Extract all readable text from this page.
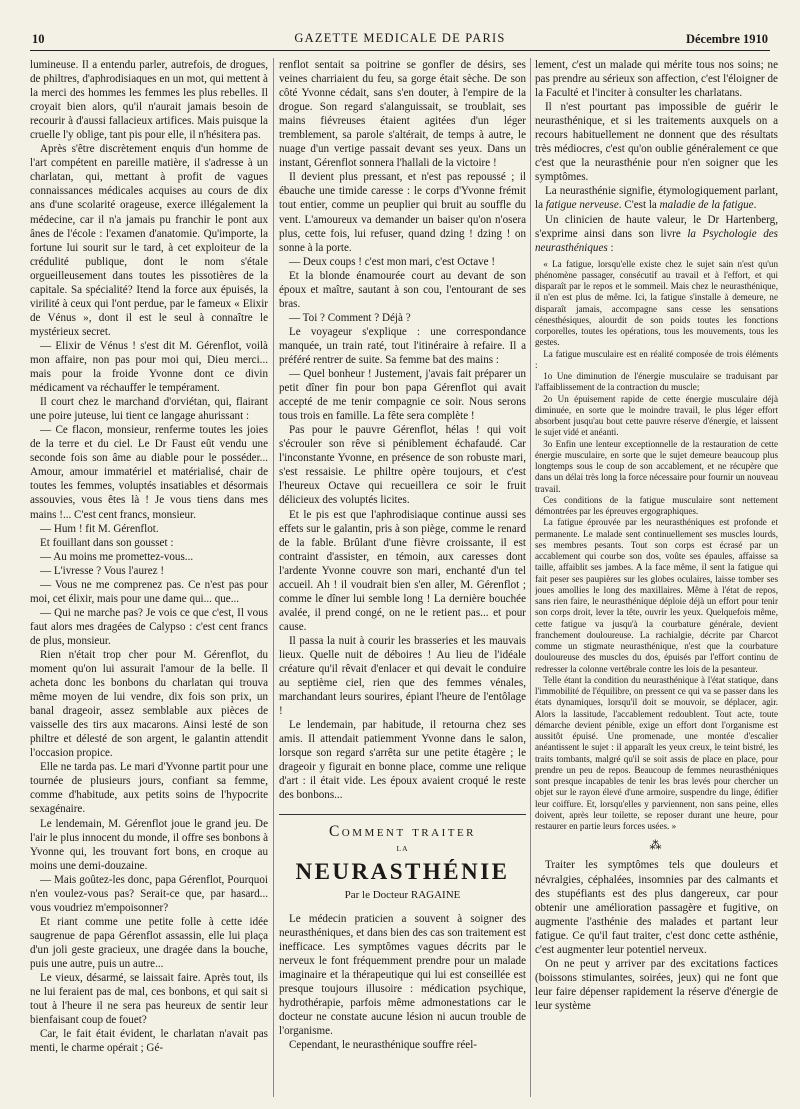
10	GAZETTE MEDICALE DE PARIS	Décembre 1910

lumineuse. Il a entendu parler, autrefois, de drogues, de philtres, d'aphrodisiaques en un mot, qui mettent à la merci des hommes les femmes les plus rebelles. Il croyait bien alors, qu'il n'aurait jamais besoin de recourir à d'aussi fallacieux artifices. Mais puisque la cruelle l'y oblige, tant pis pour elle, il n'hésitera pas.

Après s'être discrètement enquis d'un homme de l'art compétent en pareille matière, il s'adresse à un charlatan, qui, mettant à profit de vagues connaissances médicales acquises au cours de dix ans d'une scolarité orageuse, exerce illégalement la médecine, car il n'a jamais pu franchir le pont aux ânes de l'école : l'examen d'anatomie. Qu'importe, la fortune lui sourit sur le tard, à cet exploiteur de la crédulité publique, dont le nom s'étale orgueilleusement dans toutes les pissotières de la capitale. Sa spécialité? Itend la force aux épuisés, la virilité à ceux qui l'ont perdue, par le fameux « Elixir de Vénus », dont il est le seul à connaître le mystérieux secret.

— Elixir de Vénus ! s'est dit M. Gérenflot, voilà mon affaire, non pas pour moi qui, Dieu merci... mais pour la froide Yvonne dont ce divin médicament va réchauffer le tempérament.

Il court chez le marchand d'orviétan, qui, flairant une poire juteuse, lui tient ce langage ahurissant :

— Ce flacon, monsieur, renferme toutes les joies de la terre et du ciel. Le Dr Faust eût vendu une seconde fois son âme au diable pour le posséder... Amour, amour immatériel et matérialisé, chair de toutes les femmes, voluptés insatiables et désormais assouvies, vous êtes là ! Je vous tiens dans mes mains !... C'est cent francs, monsieur.

— Hum ! fit M. Gérenflot.

Et fouillant dans son gousset :

— Au moins me promettez-vous...

— L'ivresse ? Vous l'aurez !

— Vous ne me comprenez pas. Ce n'est pas pour moi, cet élixir, mais pour une dame qui... que...

— Qui ne marche pas? Je vois ce que c'est, Il vous faut alors mes dragées de Calypso : c'est cent francs de plus, monsieur.

Rien n'était trop cher pour M. Gérenflot, du moment qu'on lui assurait l'amour de la belle. Il acheta donc les bonbons du charlatan qui trouva même moyen de lui vendre, dix fois son prix, un banal drageoir, assez semblable aux pièces de vaisselle des tirs aux macarons. Ainsi lesté de son philtre et délesté de son argent, le galantin attendit l'occasion propice.

Elle ne tarda pas. Le mari d'Yvonne partit pour une tournée de plusieurs jours, confiant sa femme, comme d'habitude, aux petits soins de l'hypocrite sexagénaire.

Le lendemain, M. Gérenflot joue le grand jeu. De l'air le plus innocent du monde, il offre ses bonbons à Yvonne qui, les trouvant fort bons, en croque au moins une demi-douzaine.

— Mais goûtez-les donc, papa Gérenflot, Pourquoi n'en voulez-vous pas? Serait-ce que, par hasard... vous voudriez m'empoisonner?

Et riant comme une petite folle à cette idée saugrenue de papa Gérenflot assassin, elle lui plaça d'un joli geste gracieux, une dragée dans la bouche, puis une autre, puis un autre...

Le vieux, désarmé, se laissait faire. Après tout, ils ne lui feraient pas de mal, ces bonbons, et qui sait si tout à l'heure il ne sera pas heureux de sentir leur bienfaisant coup de fouet?

Car, le fait était évident, le charlatan n'avait pas menti, le charme opérait ; Gé-

renflot sentait sa poitrine se gonfler de désirs, ses veines charriaient du feu, sa gorge était sèche. De son côté Yvonne cédait, sans s'en douter, à l'empire de la drogue. Son regard s'alanguissait, se troublait, ses mains fiévreuses étaient agitées d'un léger tremblement, sa parole s'altérait, de temps à autre, le nuage d'un vertige passait devant ses yeux. Dans un instant, Gérenflot sonnera l'hallali de la victoire !

Il devient plus pressant, et n'est pas repoussé ; il ébauche une timide caresse : le corps d'Yvonne frémit tout entier, comme un peuplier qui bruit au souffle du vent. L'amoureux va demander un baiser qu'on n'osera plus, cette fois, lui refuser, quand dzing ! dzing ! on sonne à la porte.

— Deux coups ! c'est mon mari, c'est Octave !

Et la blonde énamourée court au devant de son époux et maître, sautant à son cou, l'entourant de ses bras.

— Toi ? Comment ? Déjà ?

Le voyageur s'explique : une correspondance manquée, un train raté, tout l'itinéraire à refaire. Il a préféré rentrer de suite. Sa femme bat des mains :

— Quel bonheur ! Justement, j'avais fait préparer un petit dîner fin pour bon papa Gérenflot qui avait accepté de me tenir compagnie ce soir. Nous serons tous trois en famille. La fête sera complète !

Pas pour le pauvre Gérenflot, hélas ! qui voit s'écrouler son rêve si péniblement échafaudé. Car l'inconstante Yvonne, en présence de son robuste mari, s'est ressaisie. Le philtre opère toujours, et c'est l'heureux Octave qui recueillera ce soir le fruit délicieux des voluptés licites.

Et le pis est que l'aphrodisiaque continue aussi ses effets sur le galantin, pris à son piège, comme le renard de la fable. Brûlant d'une fièvre croissante, il est contraint d'assister, en témoin, aux caresses dont l'ardente Yvonne couvre son mari, enchanté d'un tel accueil. Ah ! il voudrait bien s'en aller, M. Gérenflot ; comme le dîner lui semble long ! La dernière bouchée avalée, il prend congé, on ne le retient pas... et pour cause.

Il passa la nuit à courir les brasseries et les mauvais lieux. Quelle nuit de déboires ! Au lieu de l'idéale créature qu'il rêvait d'enlacer et qui devait le conduire au septième ciel, rien que des femmes vénales, marchandant leurs sourires, épiant l'heure de l'entôlage !

Le lendemain, par habitude, il retourna chez ses amis. Il attendait patiemment Yvonne dans le salon, lorsque son regard s'arrêta sur une petite étagère ; le drageoir y figurait en bonne place, comme une relique d'art : il était vide. Les époux avaient croqué le reste des bonbons...

Comment traiter
LA
NEURASTHÉNIE
Par le Docteur RAGAINE

Le médecin praticien a souvent à soigner des neurasthéniques, et dans bien des cas son traitement est inefficace. Les symptômes vagues décrits par le nerveux le font fréquemment prendre pour un malade imaginaire et la thérapeutique qui lui est conseillée est presque toujours illusoire : médication psychique, hydrothérapie, parfois même admonestations car le docteur ne constate aucune lésion ni aucun trouble de l'organisme.

Cependant, le neurasthénique souffre réel-

lement, c'est un malade qui mérite tous nos soins; ne pas prendre au sérieux son affection, c'est l'éloigner de la Faculté et l'inciter à consulter les charlatans.

Il n'est pourtant pas impossible de guérir le neurasthénique, et si les traitements auxquels on a recours habituellement ne donnent que des résultats très médiocres, c'est qu'on oublie généralement ce que c'est que la neurasthénie pour n'en soigner que les symptômes.

La neurasthénie signifie, étymologiquement parlant, la fatigue nerveuse. C'est la maladie de la fatigue.

Un clinicien de haute valeur, le Dr Hartenberg, s'exprime ainsi dans son livre la Psychologie des neurasthéniques :

« La fatigue, lorsqu'elle existe chez le sujet sain n'est qu'un phénomène passager, consécutif au travail et à l'effort, et qui disparaît par le repos et le sommeil. Mais chez le neurasthénique, il n'en est plus de même. Ici, la fatigue s'installe à demeure, ne disparaît jamais, accompagne sans cesse les sensations cénesthésiques, alourdit de son poids toutes les fonctions corporelles, toutes les opérations, tous les mouvements, tous les gestes.

La fatigue musculaire est en réalité composée de trois éléments :

1o Une diminution de l'énergie musculaire se traduisant par l'affaiblissement de la contraction du muscle;

2o Un épuisement rapide de cette énergie musculaire déjà diminuée, en sorte que le moindre travail, le plus léger effort absorbent jusqu'au bout cette pauvre réserve d'énergie, et laissent le sujet vidé et anéanti.

3o Enfin une lenteur exceptionnelle de la restauration de cette énergie musculaire, en sorte que le sujet demeure beaucoup plus longtemps sous le coup de son accablement, et ne récupère que dans un délai très long la force nécessaire pour fournir un nouveau travail.

Ces conditions de la fatigue musculaire sont nettement démontrées par les épreuves ergographiques.

La fatigue éprouvée par les neurasthéniques est profonde et permanente. Le malade sent continuellement ses muscles lourds, ses membres pesants. Tout son corps est écrasé par un accablement qui courbe son dos, voûte ses épaules, affaisse sa taille, affaiblit ses jambes. A la face même, il sent la fatigue qui fait peser ses paupières sur les globes oculaires, laisse tomber ses joues amollies le long des maxillaires. Même à l'état de repos, sans rien faire, le neurasthénique déploie déjà un effort pour tenir son corps droit, lever la tête, ouvrir les yeux. Quelquefois même, cette fatigue va jusqu'à la courbature générale, devient franchement douloureuse. La rachialgie, décrite par Charcot comme un stigmate neurasthénique, n'est que la courbature douloureuse des muscles du dos, épuisés par l'effort continu de redresser la colonne vertébrale contre les lois de la pesanteur.

Telle étant la condition du neurasthénique à l'état statique, dans l'immobilité de l'équilibre, on pressent ce qui va se passer dans les états dynamiques, lorsqu'il doit se mouvoir, se déplacer, agir. Alors la lassitude, l'accablement redoublent. Tout acte, toute démarche devient pénible, exige un effort dont l'organisme est aussitôt épuisé. Une promenade, une montée d'escalier anéantissent le sujet : il apparaît les yeux creux, le teint bistré, les traits tombants, malgré qu'il se soit assis de place en place, pour prendre un peu de repos. Beaucoup de femmes neurasthéniques sont presque incapables de tenir les bras levés pour chercher un objet sur le rayon élevé d'une armoire, suspendre du linge, édifier leur coiffure. Et, lorsqu'elles y parviennent, non sans peine, elles doivent, après leur toilette, se reposer durant une heure, pour restaurer en partie leurs forces usées. »

⁂

Traiter les symptômes tels que douleurs et névralgies, céphalées, insomnies par des calmants et des stupéfiants est des plus dangereux, car pour obtenir une amélioration passagère et fugitive, on augmente l'asthénie des malades et partant leur fatigue. Ce qu'il faut traiter, c'est donc cette asthénie, c'est augmenter leur potentiel nerveux.

On ne peut y arriver par des excitations factices (boissons stimulantes, soirées, jeux) qui ne font que leur faire dépenser rapidement la réserve d'énergie de leur système
